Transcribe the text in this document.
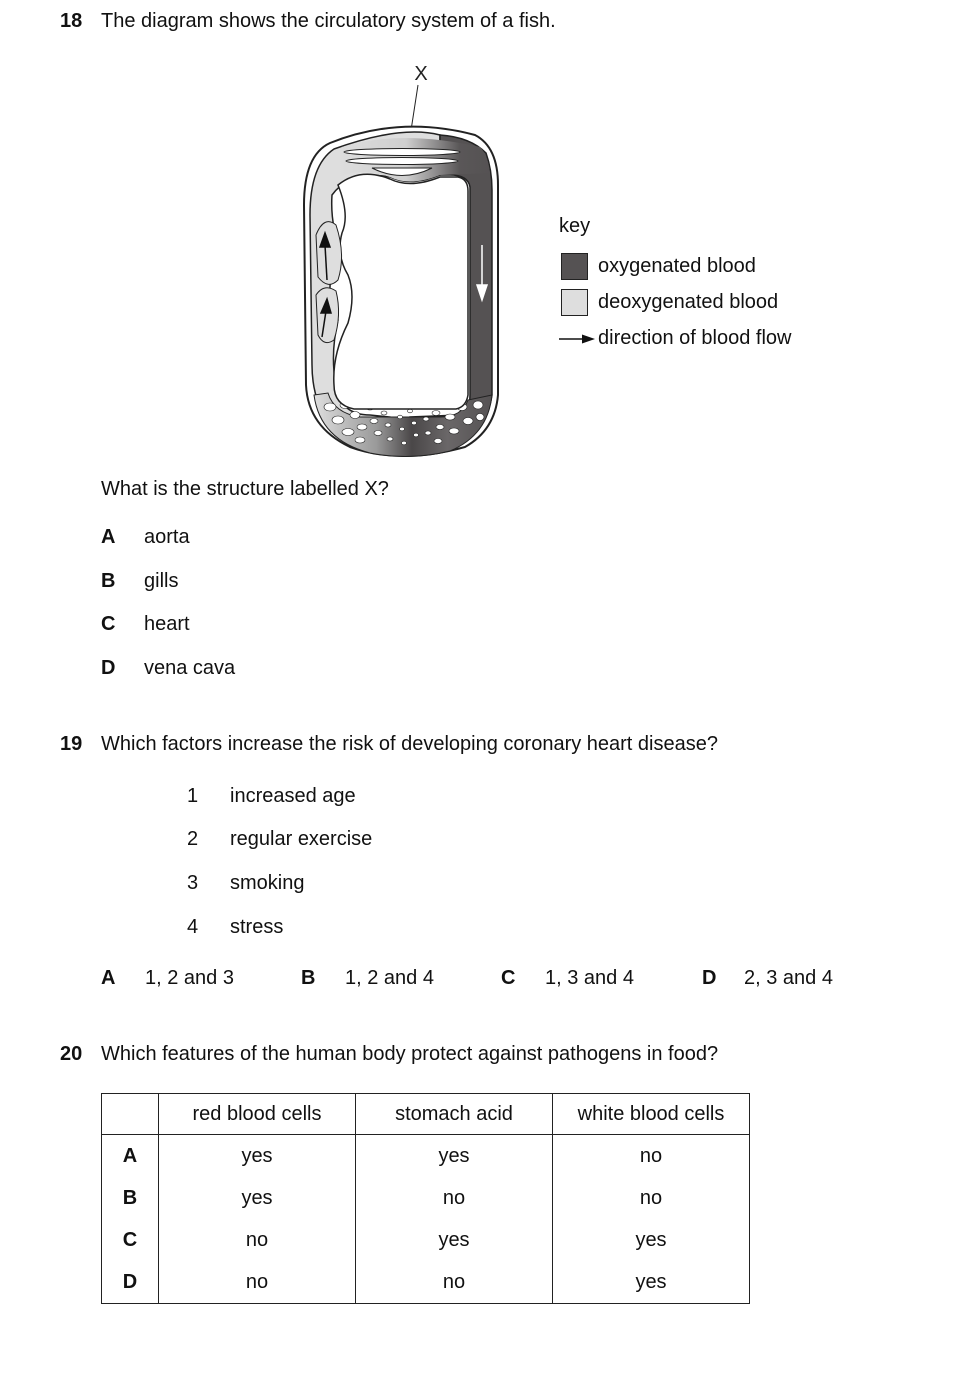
18 The diagram shows the circulatory system of a fish.
X
key
oxygenated blood
deoxygenated blood
direction of blood flow
What is the structure labelled X?
A aorta
B gills
C heart
D vena cava
19 Which factors increase the risk of developing coronary heart disease?
1 increased age
2 regular exercise
3 smoking
4 stress
A 1, 2 and 3	B 1, 2 and 4	C 1, 3 and 4	D 2, 3 and 4
20 Which features of the human body protect against pathogens in food?
	red blood cells	stomach acid	white blood cells
A	yes	yes	no
B	yes	no	no
C	no	yes	yes
D	no	no	yes
